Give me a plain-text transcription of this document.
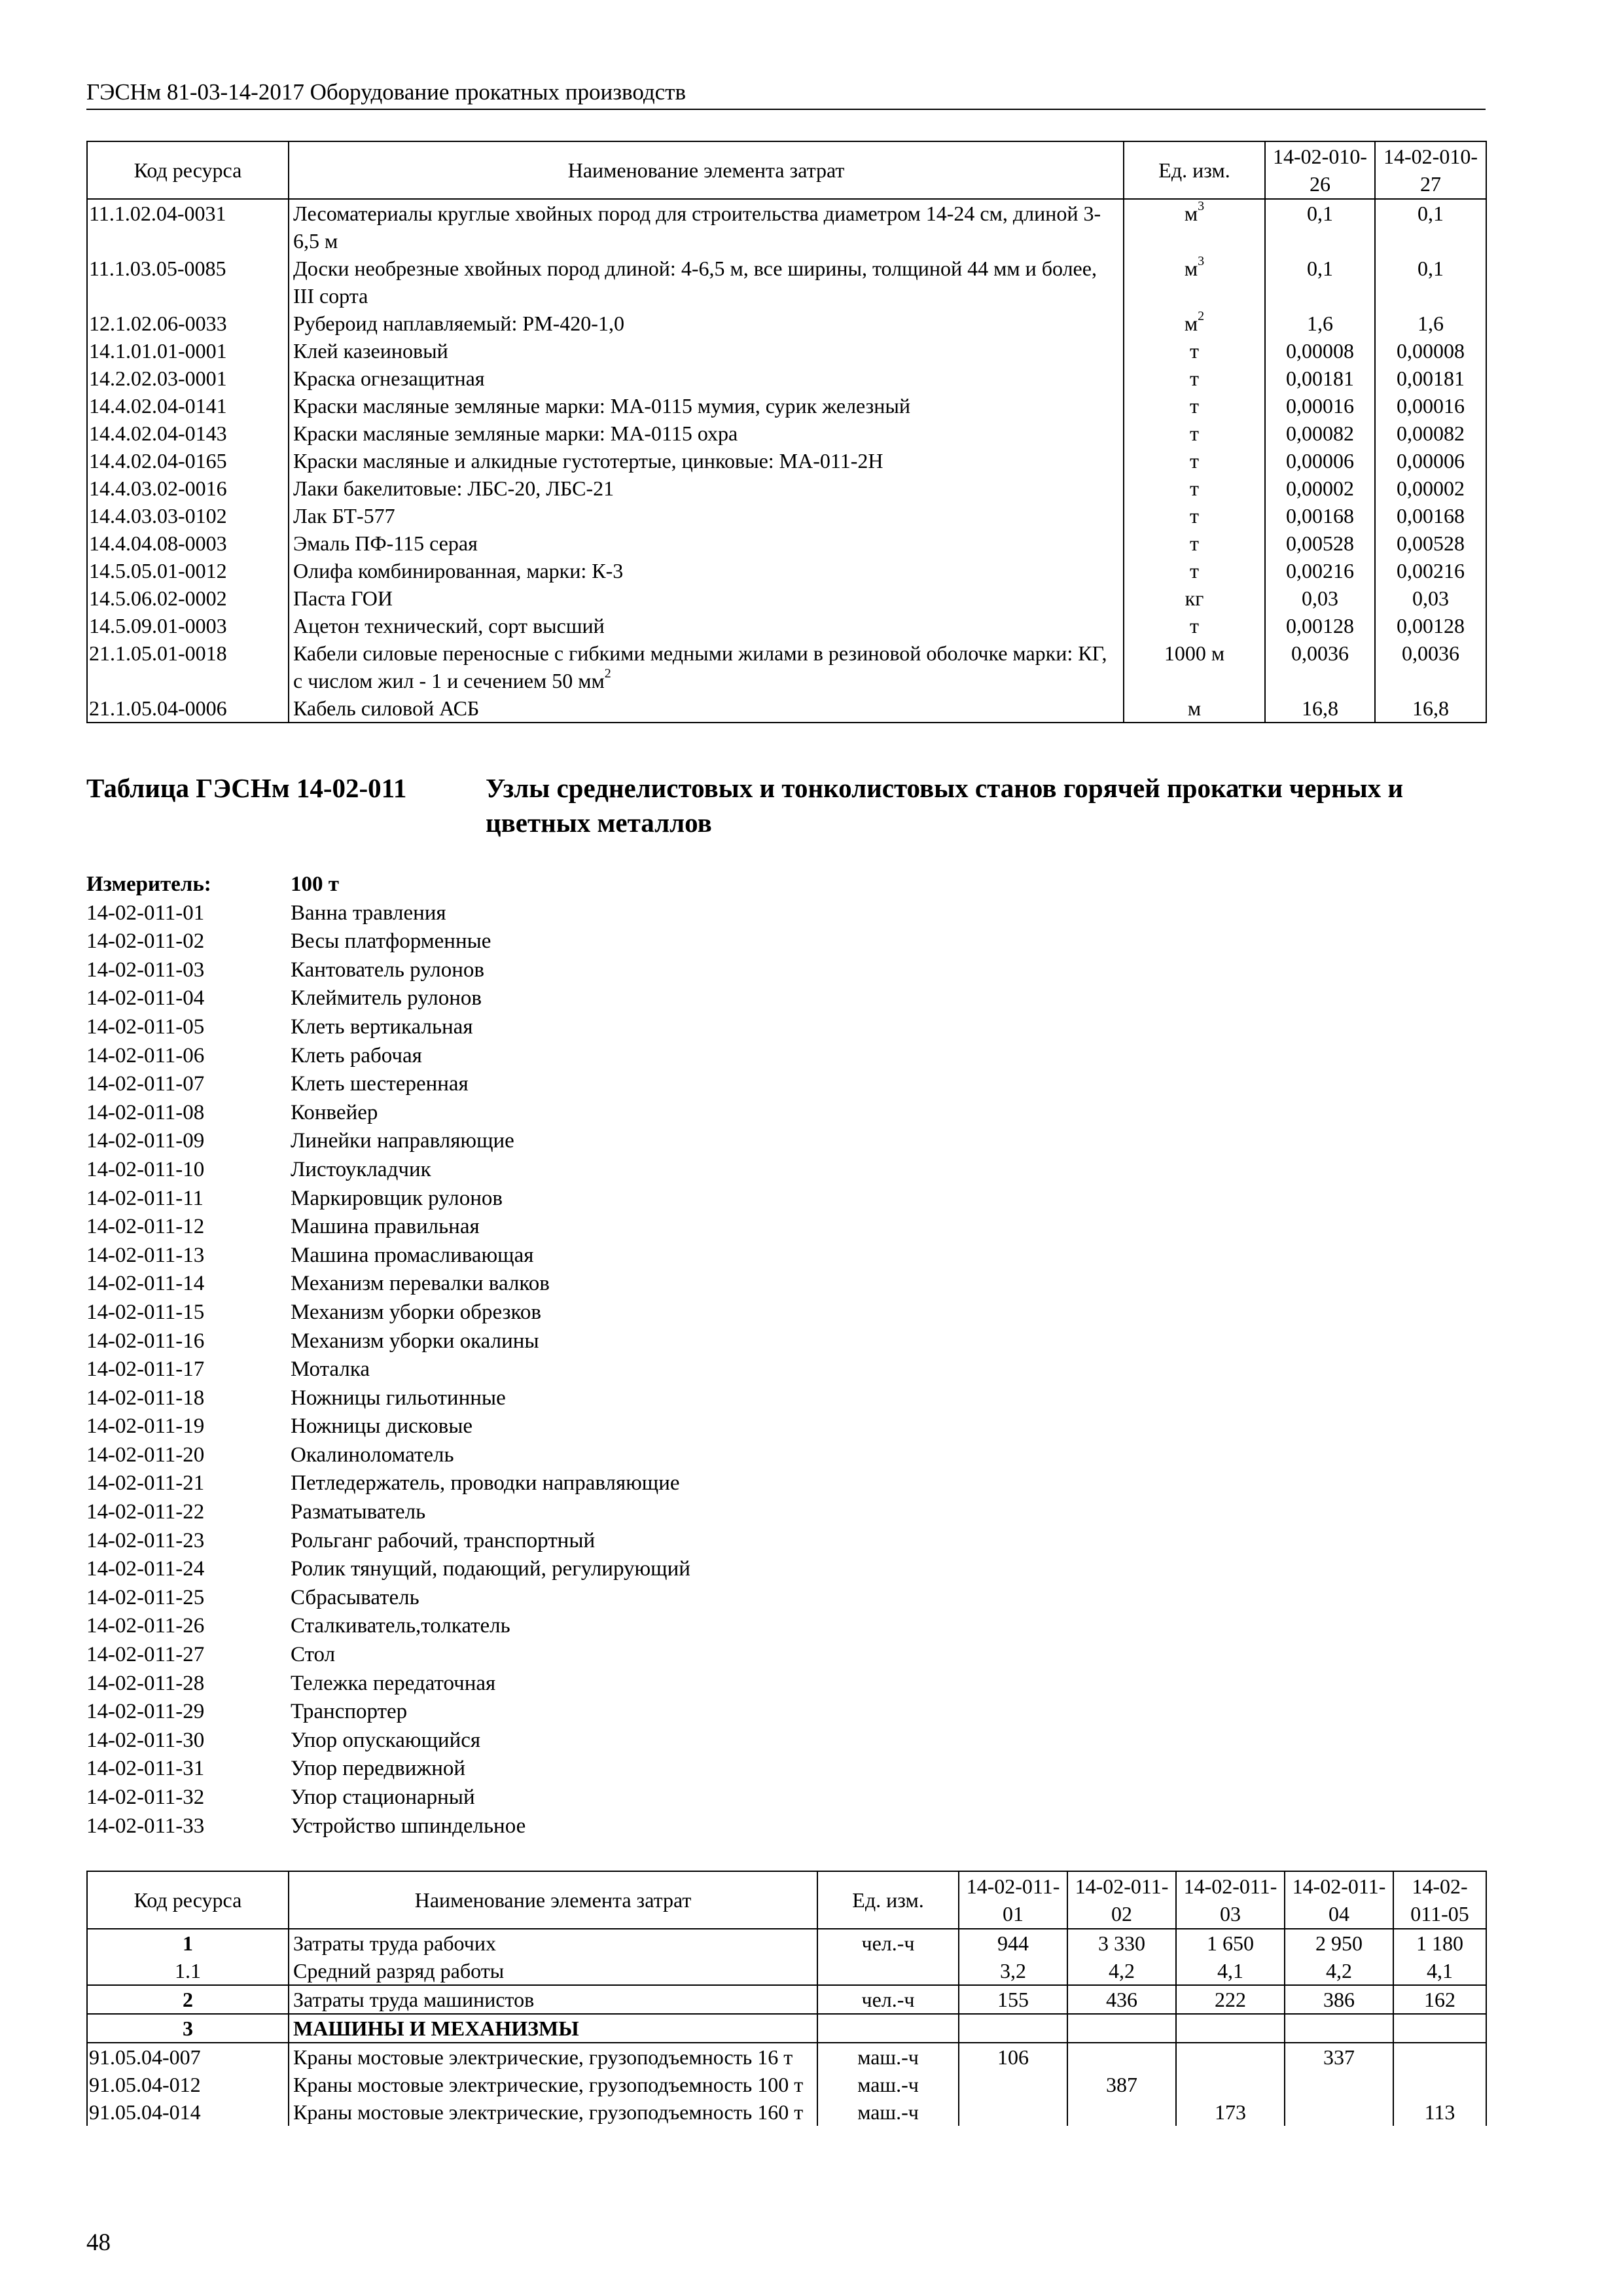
ГЭСНм 81-03-14-2017 Оборудование прокатных производств
Код ресурса	Наименование элемента затрат	Ед. изм.	14-02-010-26	14-02-010-27
11.1.02.04-0031	Лесоматериалы круглые хвойных пород для строительства диаметром 14-24 см, длиной 3-6,5 м	$м^3$	0,1	0,1
11.1.03.05-0085	Доски необрезные хвойных пород длиной: 4-6,5 м, все ширины, толщиной 44 мм и более, III сорта	$м^3$	0,1	0,1
12.1.02.06-0033	Рубероид наплавляемый: РМ-420-1,0	$м^2$	1,6	1,6
14.1.01.01-0001	Клей казеиновый	т	0,00008	0,00008
14.2.02.03-0001	Краска огнезащитная	т	0,00181	0,00181
14.4.02.04-0141	Краски масляные земляные марки: МА-0115 мумия, сурик железный	т	0,00016	0,00016
14.4.02.04-0143	Краски масляные земляные марки: МА-0115 охра	т	0,00082	0,00082
14.4.02.04-0165	Краски масляные и алкидные густотертые, цинковые: МА-011-2Н	т	0,00006	0,00006
14.4.03.02-0016	Лаки бакелитовые: ЛБС-20, ЛБС-21	т	0,00002	0,00002
14.4.03.03-0102	Лак БТ-577	т	0,00168	0,00168
14.4.04.08-0003	Эмаль ПФ-115 серая	т	0,00528	0,00528
14.5.05.01-0012	Олифа комбинированная, марки: К-3	т	0,00216	0,00216
14.5.06.02-0002	Паста ГОИ	кг	0,03	0,03
14.5.09.01-0003	Ацетон технический, сорт высший	т	0,00128	0,00128
21.1.05.01-0018	Кабели силовые переносные с гибкими медными жилами в резиновой оболочке марки: КГ, с числом жил - 1 и сечением 50 $мм^2$	1000 м	0,0036	0,0036
21.1.05.04-0006	Кабель силовой АСБ	м	16,8	16,8
Таблица ГЭСНм 14-02-011	Узлы среднелистовых и тонколистовых станов горячей прокатки черных и цветных металлов
Измеритель:	100 т
14-02-011-01	Ванна травления
14-02-011-02	Весы платформенные
14-02-011-03	Кантователь рулонов
14-02-011-04	Клеймитель рулонов
14-02-011-05	Клеть вертикальная
14-02-011-06	Клеть рабочая
14-02-011-07	Клеть шестеренная
14-02-011-08	Конвейер
14-02-011-09	Линейки направляющие
14-02-011-10	Листоукладчик
14-02-011-11	Маркировщик рулонов
14-02-011-12	Машина правильная
14-02-011-13	Машина промасливающая
14-02-011-14	Механизм перевалки валков
14-02-011-15	Механизм уборки обрезков
14-02-011-16	Механизм уборки окалины
14-02-011-17	Моталка
14-02-011-18	Ножницы гильотинные
14-02-011-19	Ножницы дисковые
14-02-011-20	Окалиноломатель
14-02-011-21	Петледержатель, проводки направляющие
14-02-011-22	Разматыватель
14-02-011-23	Рольганг рабочий, транспортный
14-02-011-24	Ролик тянущий, подающий, регулирующий
14-02-011-25	Сбрасыватель
14-02-011-26	Сталкиватель,толкатель
14-02-011-27	Стол
14-02-011-28	Тележка передаточная
14-02-011-29	Транспортер
14-02-011-30	Упор опускающийся
14-02-011-31	Упор передвижной
14-02-011-32	Упор стационарный
14-02-011-33	Устройство шпиндельное
Код ресурса	Наименование элемента затрат	Ед. изм.	14-02-011-01	14-02-011-02	14-02-011-03	14-02-011-04	14-02-011-05
1	Затраты труда рабочих	чел.-ч	944	3 330	1 650	2 950	1 180
1.1	Средний разряд работы		3,2	4,2	4,1	4,2	4,1
2	Затраты труда машинистов	чел.-ч	155	436	222	386	162
3	МАШИНЫ И МЕХАНИЗМЫ						
91.05.04-007	Краны мостовые электрические, грузоподъемность 16 т	маш.-ч	106			337	
91.05.04-012	Краны мостовые электрические, грузоподъемность 100 т	маш.-ч		387			
91.05.04-014	Краны мостовые электрические, грузоподъемность 160 т	маш.-ч			173		113
48
